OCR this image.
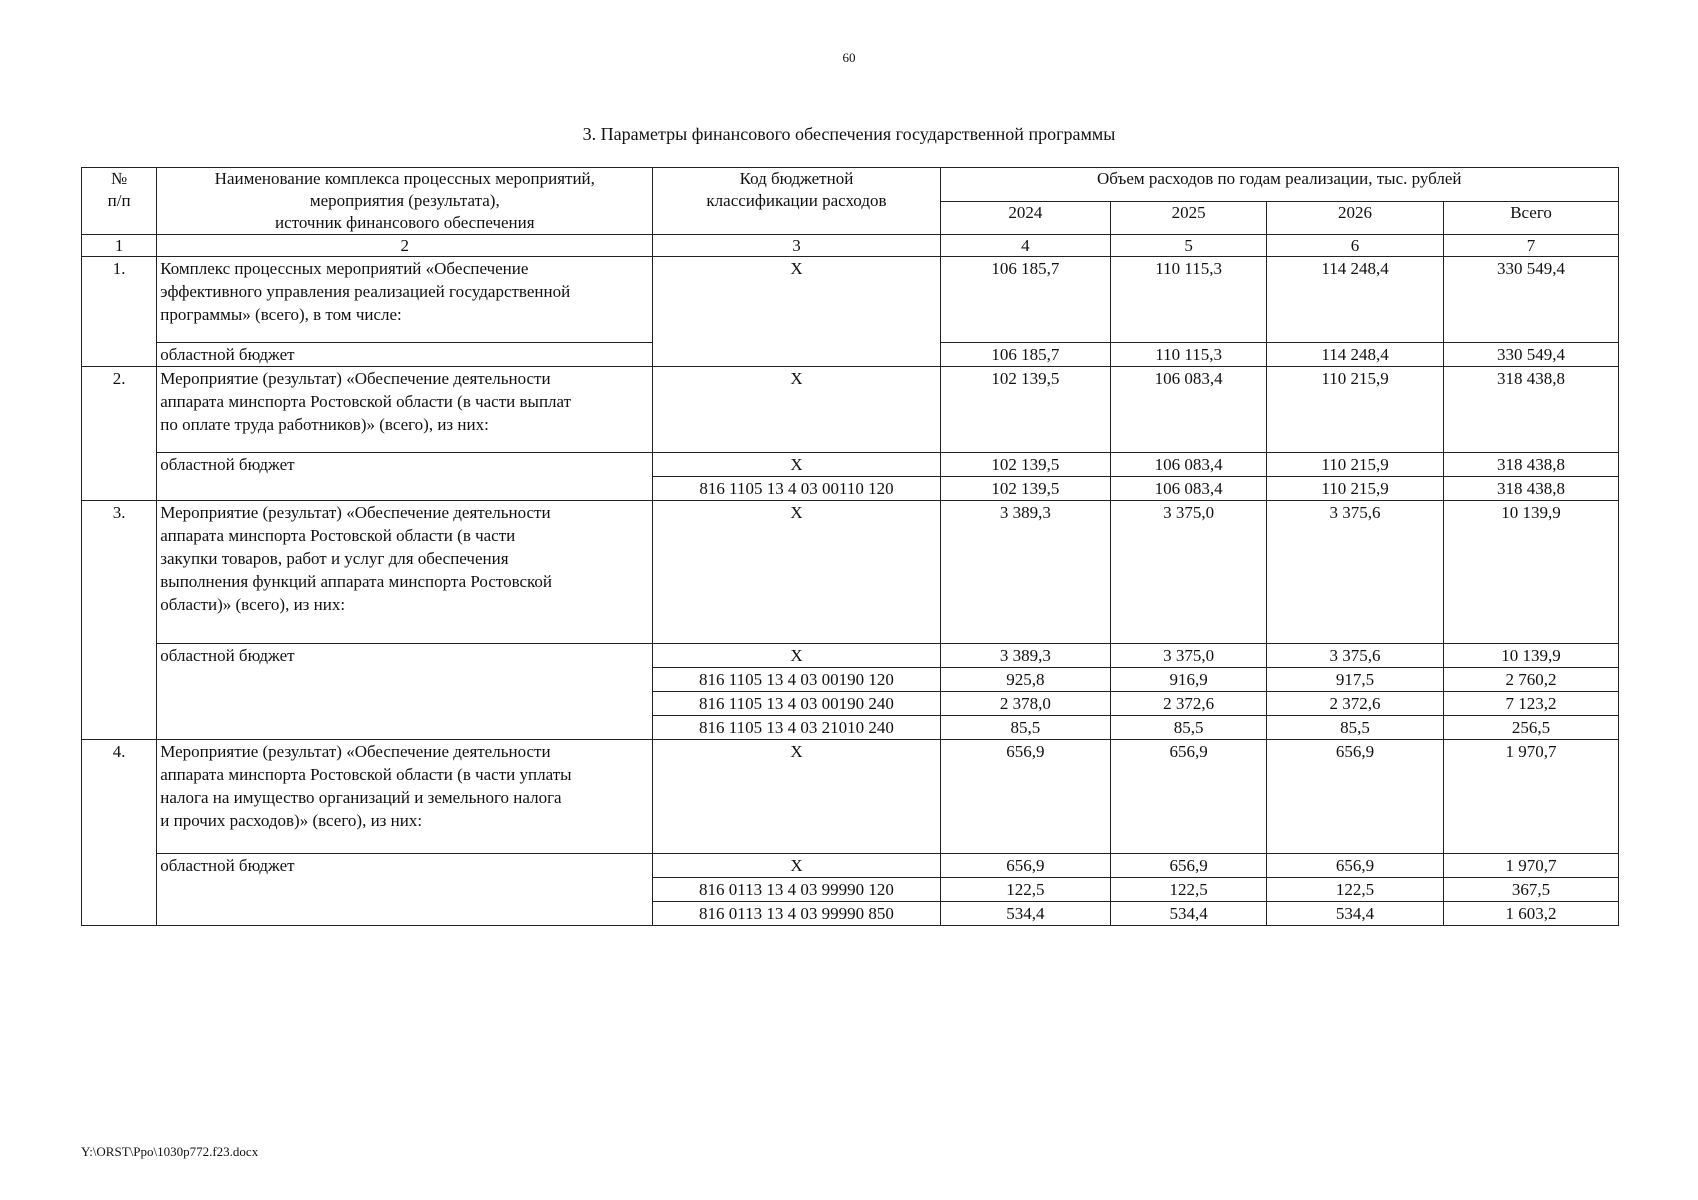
60
3. Параметры финансового обеспечения государственной программы
№
п/п	Наименование комплекса процессных мероприятий,
мероприятия (результата),
источник финансового обеспечения	Код бюджетной
классификации расходов	Объем расходов по годам реализации, тыс. рублей			
			2024	2025	2026	Всего
1	2	3	4	5	6	7
1.	Комплекс процессных мероприятий «Обеспечение
эффективного управления реализацией государственной
программы» (всего), в том числе:	X	106 185,7	110 115,3	114 248,4	330 549,4
	областной бюджет		106 185,7	110 115,3	114 248,4	330 549,4
2.	Мероприятие (результат) «Обеспечение деятельности
аппарата минспорта Ростовской области (в части выплат
по оплате труда работников)» (всего), из них:	X	102 139,5	106 083,4	110 215,9	318 438,8
	областной бюджет	X	102 139,5	106 083,4	110 215,9	318 438,8
		816 1105 13 4 03 00110 120	102 139,5	106 083,4	110 215,9	318 438,8
3.	Мероприятие (результат) «Обеспечение деятельности
аппарата минспорта Ростовской области (в части
закупки товаров, работ и услуг для обеспечения
выполнения функций аппарата минспорта Ростовской
области)» (всего), из них:	X	3 389,3	3 375,0	3 375,6	10 139,9
	областной бюджет	X	3 389,3	3 375,0	3 375,6	10 139,9
		816 1105 13 4 03 00190 120	925,8	916,9	917,5	2 760,2
		816 1105 13 4 03 00190 240	2 378,0	2 372,6	2 372,6	7 123,2
		816 1105 13 4 03 21010 240	85,5	85,5	85,5	256,5
4.	Мероприятие (результат) «Обеспечение деятельности
аппарата минспорта Ростовской области (в части уплаты
налога на имущество организаций и земельного налога
и прочих расходов)» (всего), из них:	X	656,9	656,9	656,9	1 970,7
	областной бюджет	X	656,9	656,9	656,9	1 970,7
		816 0113 13 4 03 99990 120	122,5	122,5	122,5	367,5
		816 0113 13 4 03 99990 850	534,4	534,4	534,4	1 603,2
Y:\ORST\Ppo\1030p772.f23.docx
